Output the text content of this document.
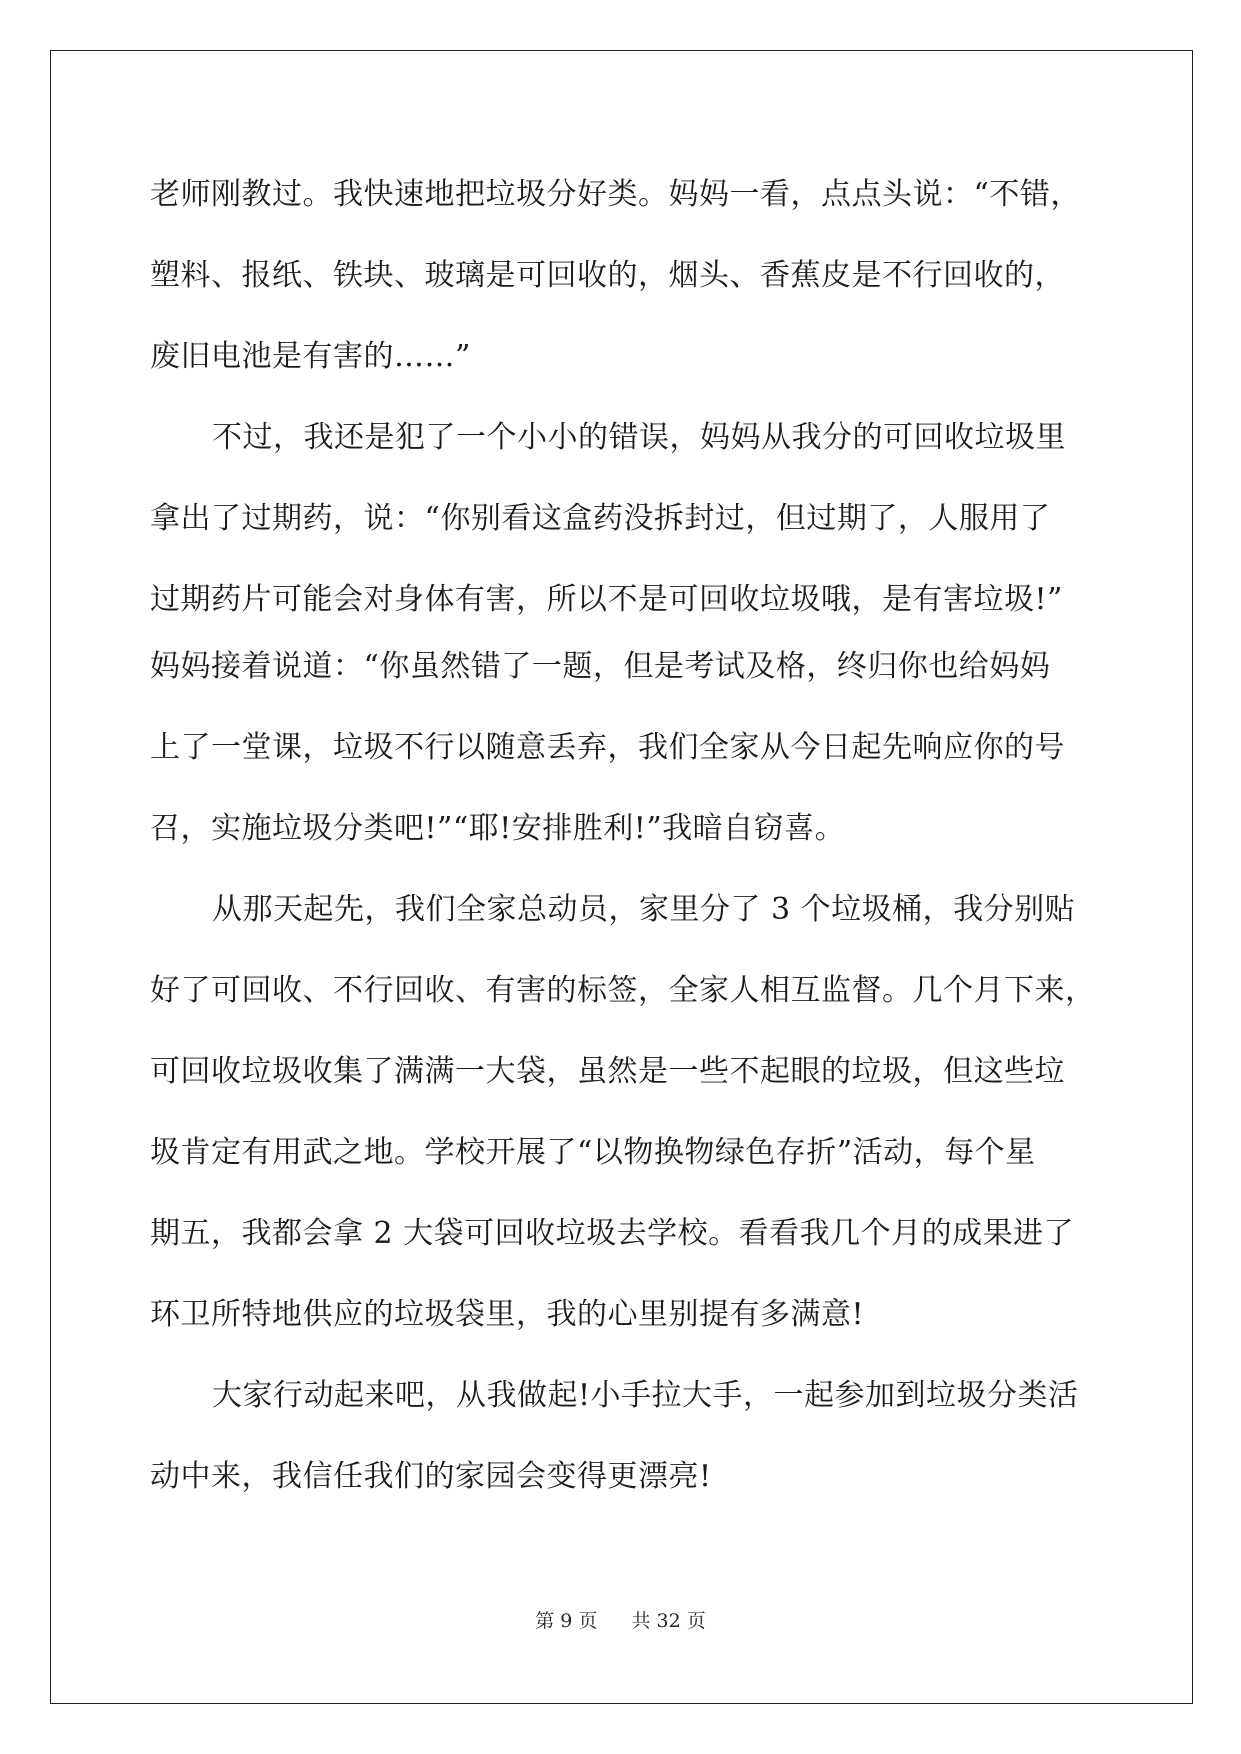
老师刚教过。我快速地把垃圾分好类。妈妈一看，点点头说：“不错，
塑料、报纸、铁块、玻璃是可回收的，烟头、香蕉皮是不行回收的，
废旧电池是有害的……”
不过，我还是犯了一个小小的错误，妈妈从我分的可回收垃圾里
拿出了过期药，说：“你别看这盒药没拆封过，但过期了，人服用了
过期药片可能会对身体有害，所以不是可回收垃圾哦，是有害垃圾!”
妈妈接着说道：“你虽然错了一题，但是考试及格，终归你也给妈妈
上了一堂课，垃圾不行以随意丢弃，我们全家从今日起先响应你的号
召，实施垃圾分类吧!”“耶!安排胜利!”我暗自窃喜。
从那天起先，我们全家总动员，家里分了 3 个垃圾桶，我分别贴
好了可回收、不行回收、有害的标签，全家人相互监督。几个月下来，
可回收垃圾收集了满满一大袋，虽然是一些不起眼的垃圾，但这些垃
圾肯定有用武之地。学校开展了“以物换物绿色存折”活动，每个星
期五，我都会拿 2 大袋可回收垃圾去学校。看看我几个月的成果进了
环卫所特地供应的垃圾袋里，我的心里别提有多满意!
大家行动起来吧，从我做起!小手拉大手，一起参加到垃圾分类活
动中来，我信任我们的家园会变得更漂亮!
第 9 页 共 32 页
